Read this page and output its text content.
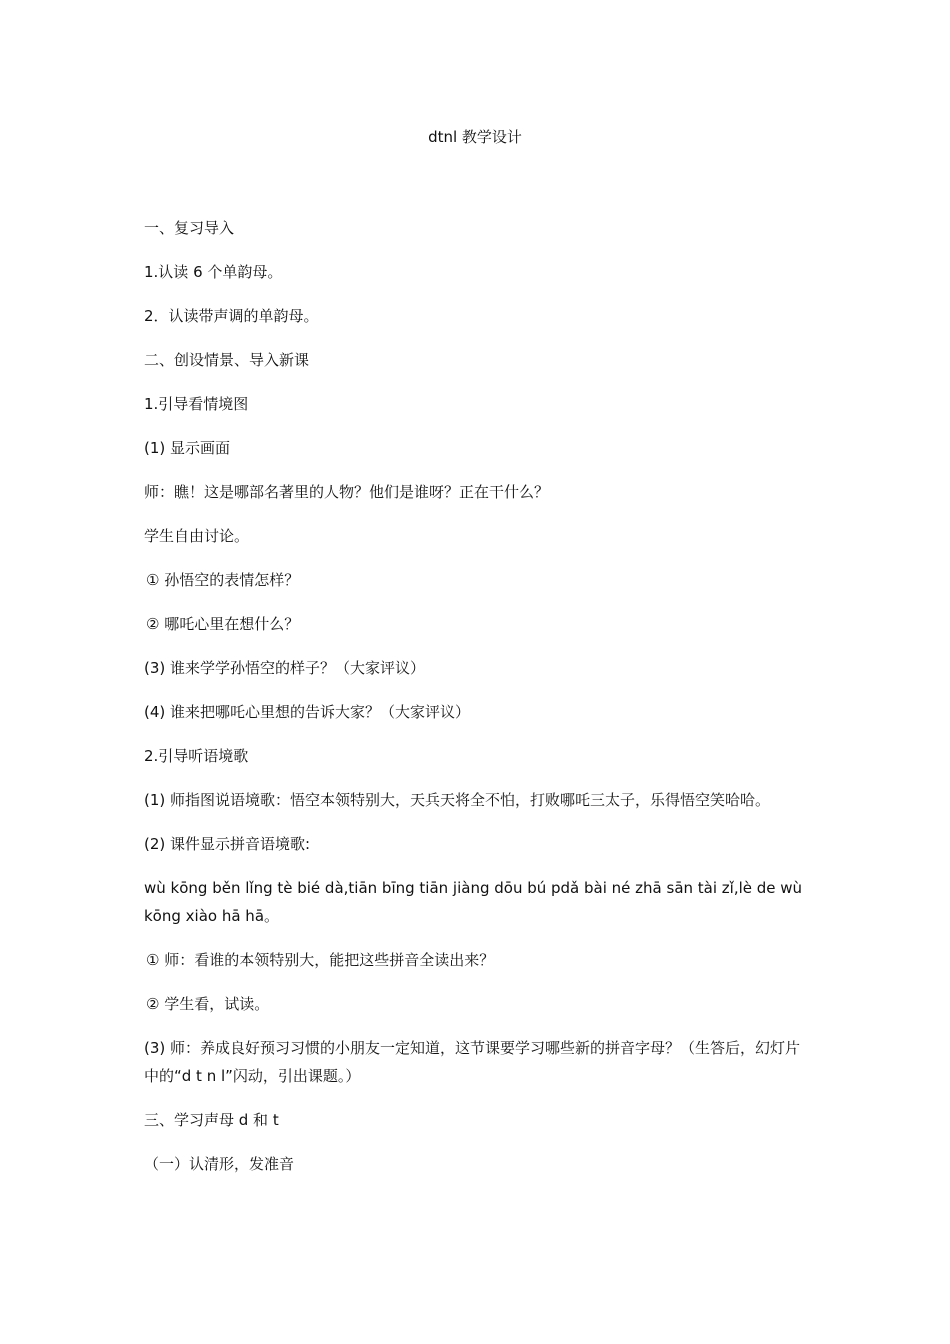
dtnl 教学设计

一、复习导入

1.认读 6 个单韵母。

2．认读带声调的单韵母。

二、创设情景、导入新课

1.引导看情境图

(1) 显示画面

师：瞧！这是哪部名著里的人物？他们是谁呀？正在干什么？

学生自由讨论。

① 孙悟空的表情怎样？

② 哪吒心里在想什么？

(3) 谁来学学孙悟空的样子？（大家评议）

(4) 谁来把哪吒心里想的告诉大家？（大家评议）

2.引导听语境歌

(1) 师指图说语境歌：悟空本领特别大，天兵天将全不怕，打败哪吒三太子，乐得悟空笑哈哈。

(2) 课件显示拼音语境歌:

wù kōng běn lǐng tè bié dà,tiān bīng tiān jiàng dōu bú pdǎ bài né zhā sān tài zǐ,lè de wù kōng xiào hā hā。

① 师：看谁的本领特别大，能把这些拼音全读出来？

② 学生看，试读。

(3) 师：养成良好预习习惯的小朋友一定知道，这节课要学习哪些新的拼音字母？（生答后，幻灯片中的“d t n l”闪动，引出课题。）

三、学习声母 d 和 t

（一）认清形，发准音
